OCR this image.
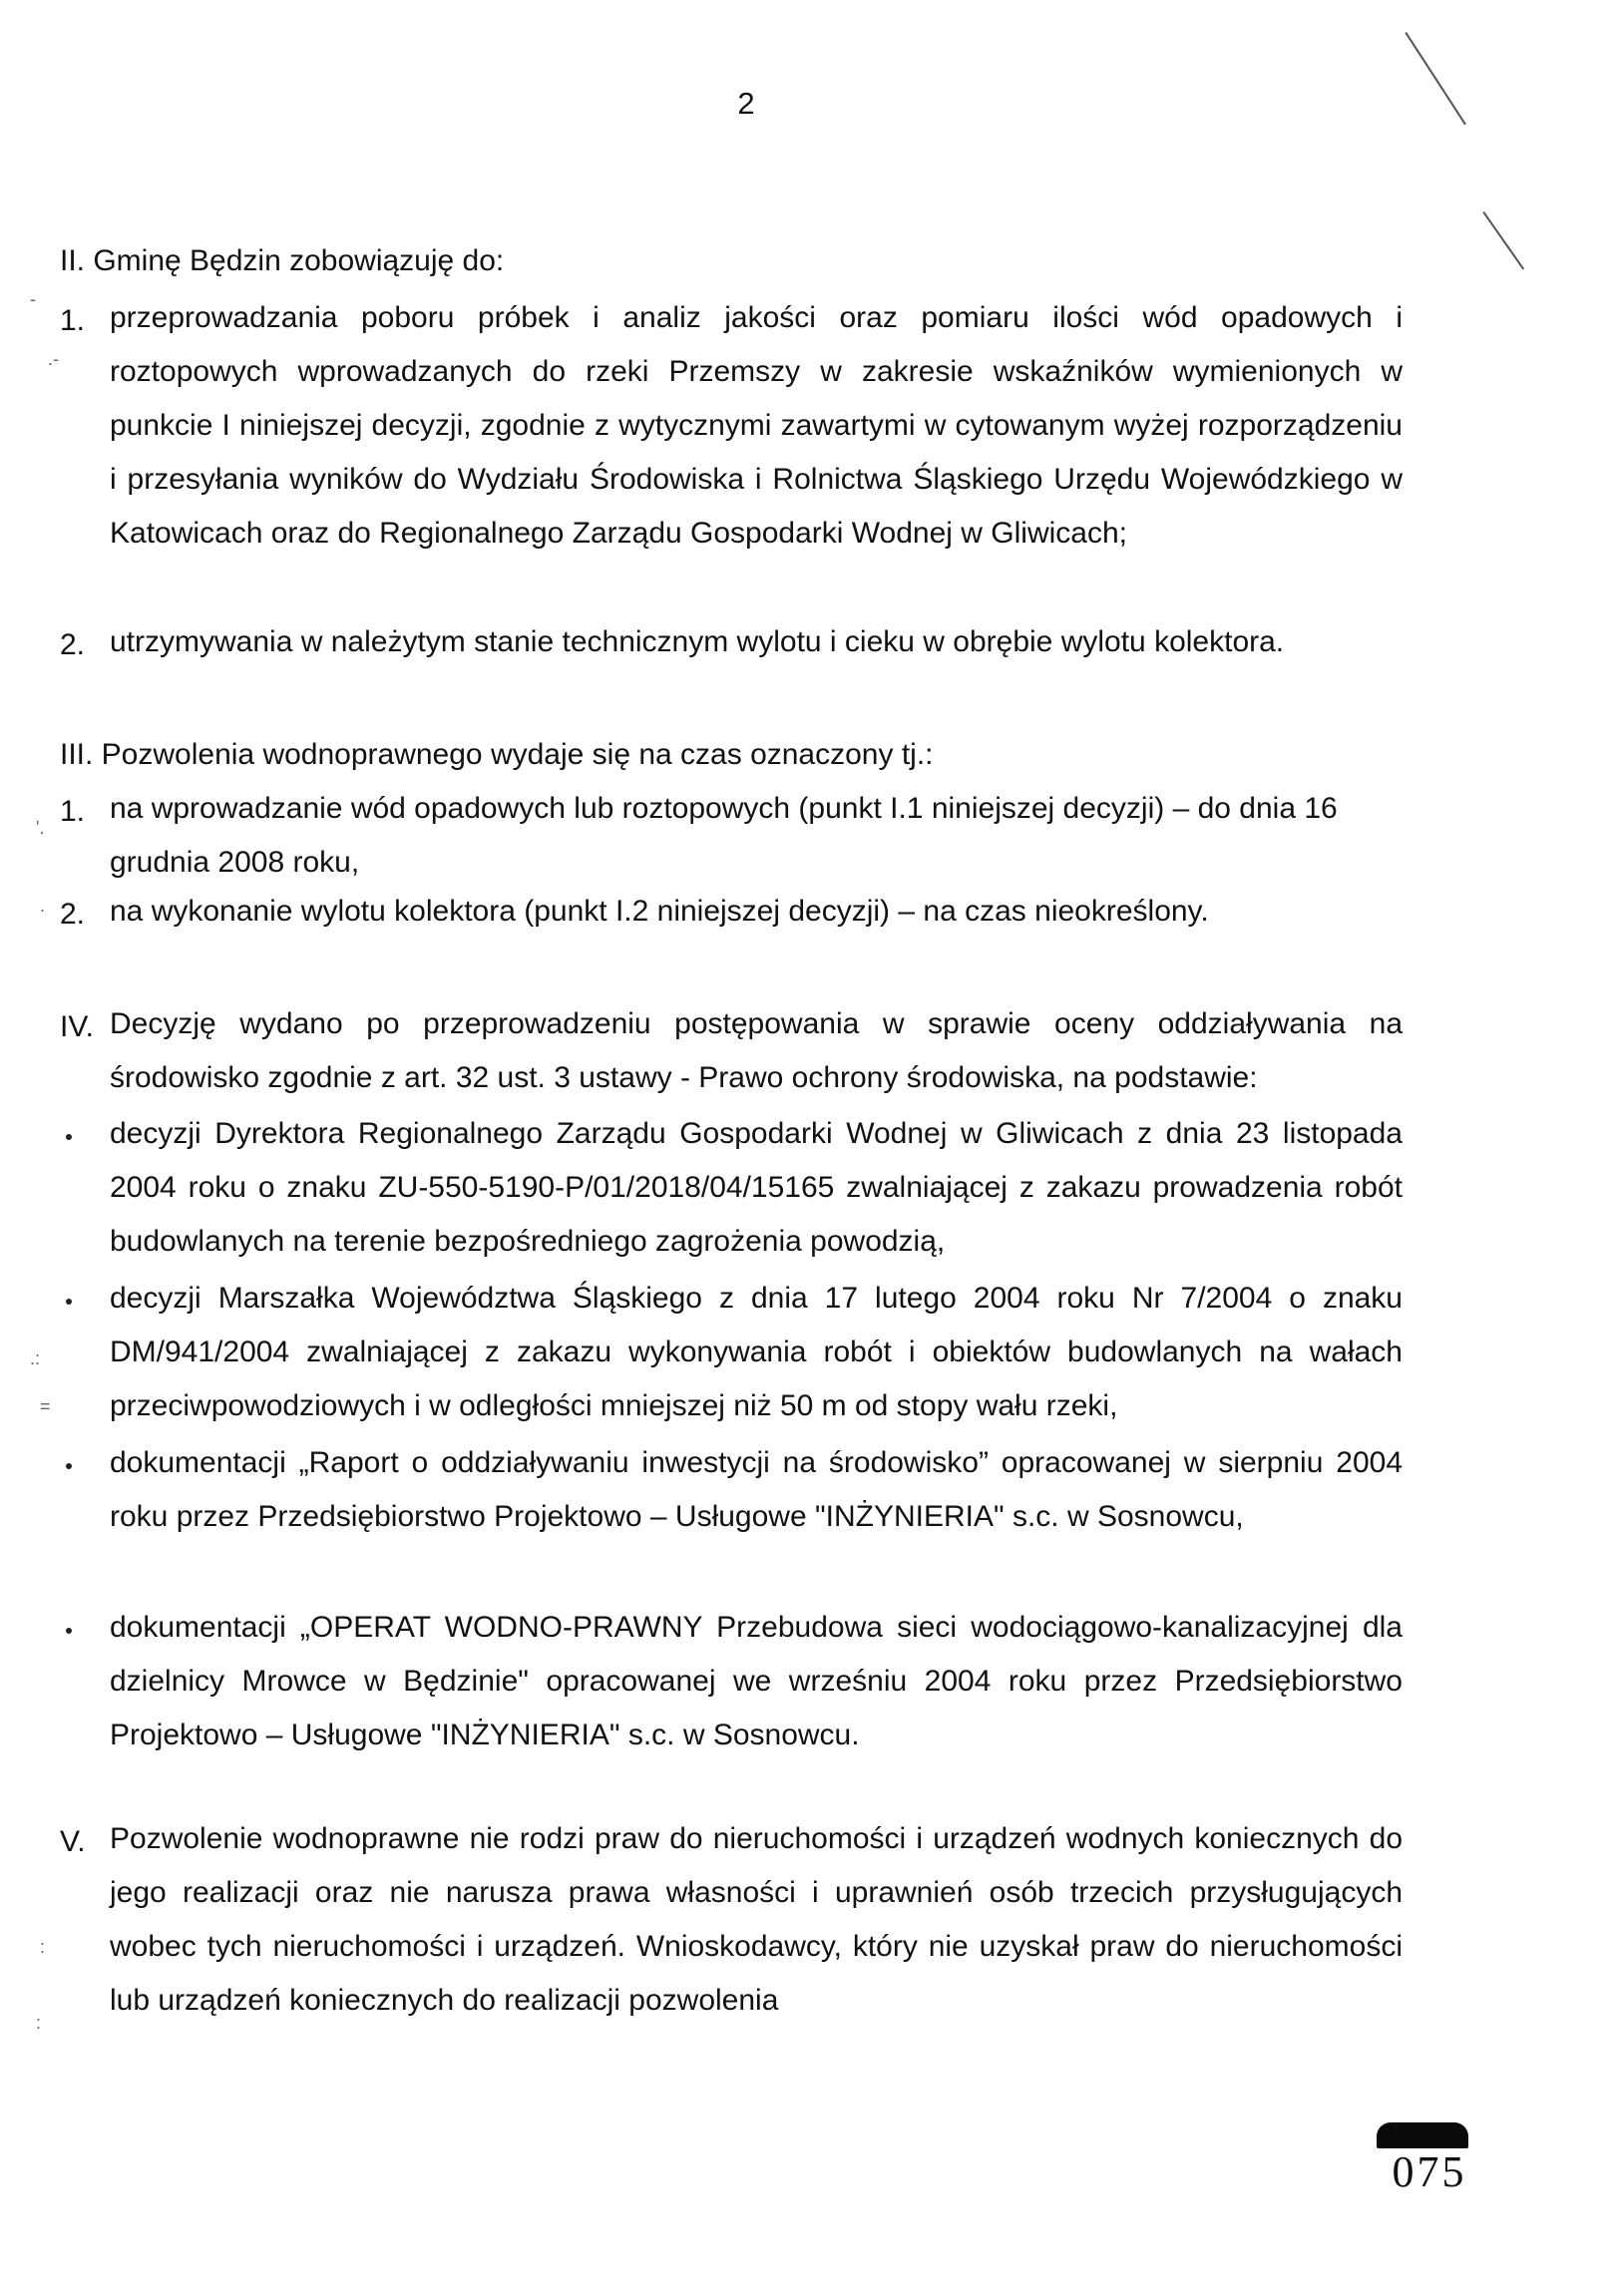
2
-
.-
'.
.
.:
=
:
:
II. Gminę Będzin zobowiązuję do:
1. przeprowadzania poboru próbek i analiz jakości oraz pomiaru ilości wód opadowych i roztopowych wprowadzanych do rzeki Przemszy w zakresie wskaźników wymienionych w punkcie I niniejszej decyzji, zgodnie z wytycznymi zawartymi w cytowanym wyżej rozporządzeniu i przesyłania wyników do Wydziału Środowiska i Rolnictwa Śląskiego Urzędu Wojewódzkiego w Katowicach oraz do Regionalnego Zarządu Gospodarki Wodnej w Gliwicach;
2. utrzymywania w należytym stanie technicznym wylotu i cieku w obrębie wylotu kolektora.
III. Pozwolenia wodnoprawnego wydaje się na czas oznaczony tj.:
1. na wprowadzanie wód opadowych lub roztopowych (punkt I.1 niniejszej decyzji) – do dnia 16 grudnia 2008 roku,
2. na wykonanie wylotu kolektora (punkt I.2 niniejszej decyzji) – na czas nieokreślony.
IV. Decyzję wydano po przeprowadzeniu postępowania w sprawie oceny oddziaływania na środowisko zgodnie z art. 32 ust. 3 ustawy - Prawo ochrony środowiska, na podstawie:
decyzji Dyrektora Regionalnego Zarządu Gospodarki Wodnej w Gliwicach z dnia 23 listopada 2004 roku o znaku ZU-550-5190-P/01/2018/04/15165 zwalniającej z zakazu prowadzenia robót budowlanych na terenie bezpośredniego zagrożenia powodzią,
decyzji Marszałka Województwa Śląskiego z dnia 17 lutego 2004 roku Nr 7/2004 o znaku DM/941/2004 zwalniającej z zakazu wykonywania robót i obiektów budowlanych na wałach przeciwpowodziowych i w odległości mniejszej niż 50 m od stopy wału rzeki,
dokumentacji „Raport o oddziaływaniu inwestycji na środowisko” opracowanej w sierpniu 2004 roku przez Przedsiębiorstwo Projektowo – Usługowe "INŻYNIERIA" s.c. w Sosnowcu,
dokumentacji „OPERAT WODNO-PRAWNY Przebudowa sieci wodociągowo-kanalizacyjnej dla dzielnicy Mrowce w Będzinie" opracowanej we wrześniu 2004 roku przez Przedsiębiorstwo Projektowo – Usługowe "INŻYNIERIA" s.c. w Sosnowcu.
V. Pozwolenie wodnoprawne nie rodzi praw do nieruchomości i urządzeń wodnych koniecznych do jego realizacji oraz nie narusza prawa własności i uprawnień osób trzecich przysługujących wobec tych nieruchomości i urządzeń. Wnioskodawcy, który nie uzyskał praw do nieruchomości lub urządzeń koniecznych do realizacji pozwolenia
075
